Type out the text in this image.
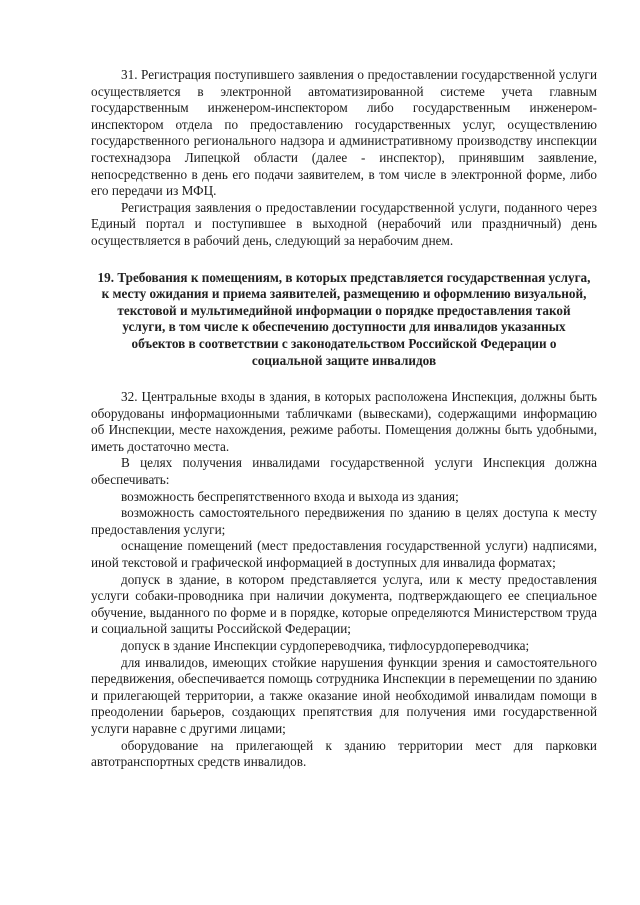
31. Регистрация поступившего заявления о предоставлении государственной услуги осуществляется в электронной автоматизированной системе учета главным государственным инженером-инспектором либо государственным инженером-инспектором отдела по предоставлению государственных услуг, осуществлению государственного регионального надзора и административному производству инспекции гостехнадзора Липецкой области (далее - инспектор), принявшим заявление, непосредственно в день его подачи заявителем, в том числе в электронной форме, либо его передачи из МФЦ.

Регистрация заявления о предоставлении государственной услуги, поданного через Единый портал и поступившее в выходной (нерабочий или праздничный) день осуществляется в рабочий день, следующий за нерабочим днем.

19. Требования к помещениям, в которых представляется государственная услуга, к месту ожидания и приема заявителей, размещению и оформлению визуальной, текстовой и мультимедийной информации о порядке предоставления такой услуги, в том числе к обеспечению доступности для инвалидов указанных объектов в соответствии с законодательством Российской Федерации о социальной защите инвалидов

32. Центральные входы в здания, в которых расположена Инспекция, должны быть оборудованы информационными табличками (вывесками), содержащими информацию об Инспекции, месте нахождения, режиме работы. Помещения должны быть удобными, иметь достаточно места.

В целях получения инвалидами государственной услуги Инспекция должна обеспечивать:

возможность беспрепятственного входа и выхода из здания;

возможность самостоятельного передвижения по зданию в целях доступа к месту предоставления услуги;

оснащение помещений (мест предоставления государственной услуги) надписями, иной текстовой и графической информацией в доступных для инвалида форматах;

допуск в здание, в котором представляется услуга, или к месту предоставления услуги собаки-проводника при наличии документа, подтверждающего ее специальное обучение, выданного по форме и в порядке, которые определяются Министерством труда и социальной защиты Российской Федерации;

допуск в здание Инспекции сурдопереводчика, тифлосурдопереводчика;

для инвалидов, имеющих стойкие нарушения функции зрения и самостоятельного передвижения, обеспечивается помощь сотрудника Инспекции в перемещении по зданию и прилегающей территории, а также оказание иной необходимой инвалидам помощи в преодолении барьеров, создающих препятствия для получения ими государственной услуги наравне с другими лицами;

оборудование на прилегающей к зданию территории мест для парковки автотранспортных средств инвалидов.
